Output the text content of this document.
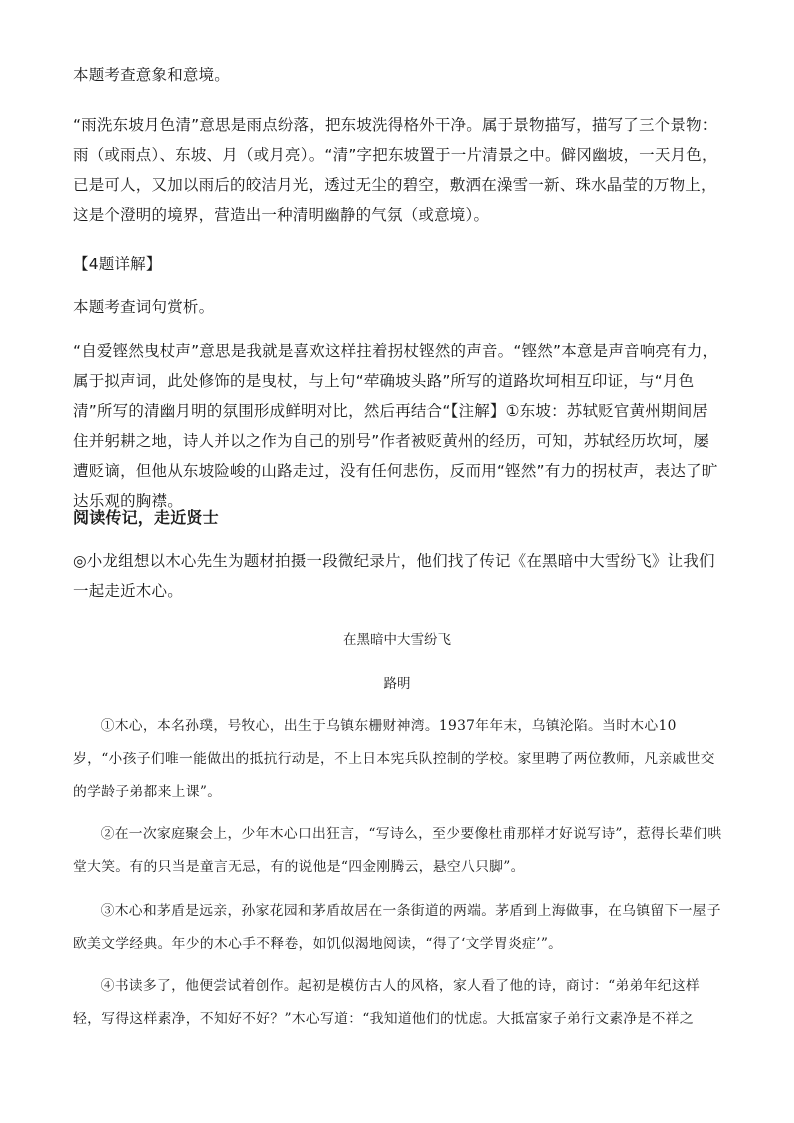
本题考查意象和意境。

“雨洗东坡月色清”意思是雨点纷落，把东坡洗得格外干净。属于景物描写，描写了三个景物：雨（或雨点）、东坡、月（或月亮）。“清”字把东坡置于一片清景之中。僻冈幽坡，一天月色，已是可人，又加以雨后的皎洁月光，透过无尘的碧空，敷洒在澡雪一新、珠水晶莹的万物上，这是个澄明的境界，营造出一种清明幽静的气氛（或意境）。

【4题详解】

本题考查词句赏析。

“自爱铿然曳杖声”意思是我就是喜欢这样拄着拐杖铿然的声音。“铿然”本意是声音响亮有力，属于拟声词，此处修饰的是曳杖，与上句“荦确坡头路”所写的道路坎坷相互印证，与“月色清”所写的清幽月明的氛围形成鲜明对比，然后再结合“【注解】①东坡：苏轼贬官黄州期间居住并躬耕之地，诗人并以之作为自己的别号”作者被贬黄州的经历，可知，苏轼经历坎坷，屡遭贬谪，但他从东坡险峻的山路走过，没有任何悲伤，反而用“铿然”有力的拐杖声，表达了旷达乐观的胸襟。

阅读传记，走近贤士

◎小龙组想以木心先生为题材拍摄一段微纪录片，他们找了传记《在黑暗中大雪纷飞》让我们一起走近木心。

在黑暗中大雪纷飞

路明

①木心，本名孙璞，号牧心，出生于乌镇东栅财神湾。1937年年末，乌镇沦陷。当时木心10岁，“小孩子们唯一能做出的抵抗行动是，不上日本宪兵队控制的学校。家里聘了两位教师，凡亲戚世交的学龄子弟都来上课”。

②在一次家庭聚会上，少年木心口出狂言，“写诗么，至少要像杜甫那样才好说写诗”，惹得长辈们哄堂大笑。有的只当是童言无忌，有的说他是“四金刚腾云，悬空八只脚”。

③木心和茅盾是远亲，孙家花园和茅盾故居在一条街道的两端。茅盾到上海做事，在乌镇留下一屋子欧美文学经典。年少的木心手不释卷，如饥似渴地阅读，“得了‘文学胃炎症’”。

④书读多了，他便尝试着创作。起初是模仿古人的风格，家人看了他的诗，商讨：“弟弟年纪这样轻，写得这样素净，不知好不好？”木心写道：“我知道他们的忧虑。大抵富家子弟行文素净是不祥之
